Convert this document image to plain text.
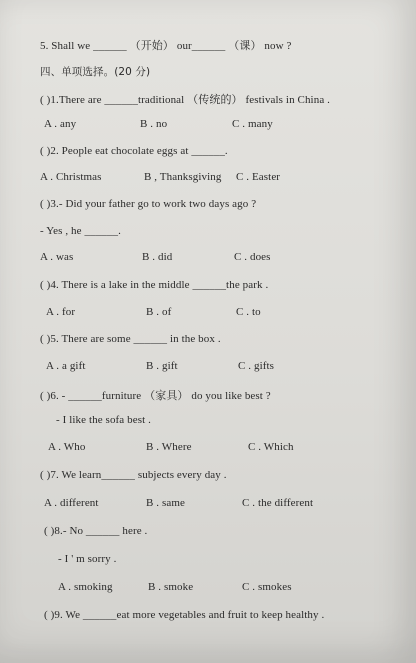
5. Shall we ______ （开始） our______ （课） now ?
四、单项选择。(20 分)
( )1.There are ______traditional （传统的） festivals in China .
A . any	B . no	C . many
( )2. People eat chocolate eggs at ______.
A . Christmas	B , Thanksgiving C . Easter
( )3.- Did your father go to work two days ago ?
- Yes , he ______.
A . was	B . did	C . does
( )4. There is a lake in the middle ______the park .
A . for	B . of	C . to
( )5. There are some ______ in the box .
A . a gift	B . gift	C . gifts
( )6. - ______furniture （家具） do you like best ?
- I like the sofa best .
A . Who	B . Where	C . Which
( )7. We learn______ subjects every day .
A . different	B . same	C . the different
( )8.- No ______ here .
- I ' m sorry .
A . smoking	B . smoke	C . smokes
( )9. We ______eat more vegetables and fruit to keep healthy .
